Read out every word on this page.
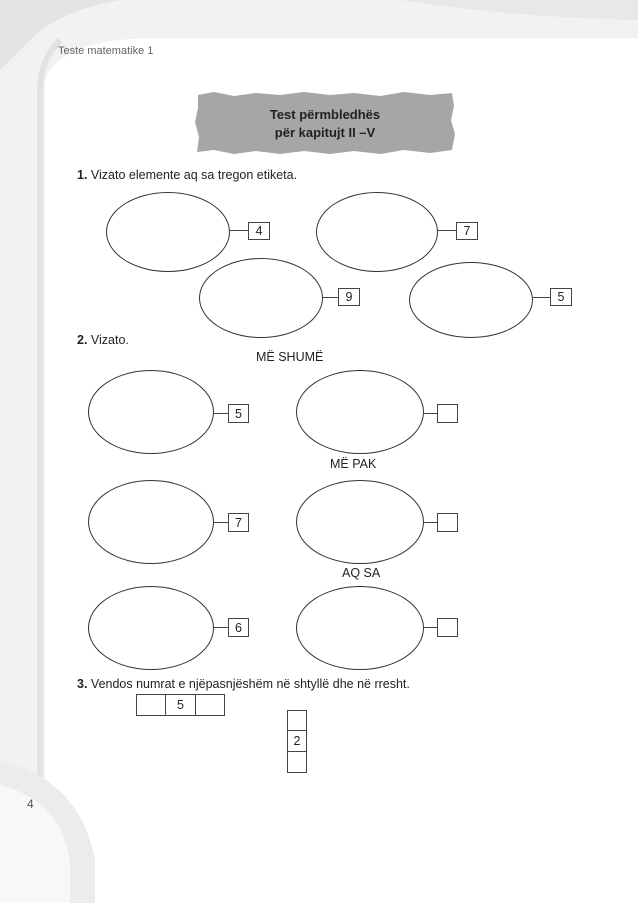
Teste matematike 1
Test përmbledhës
për kapitujt II –V
1. Vizato elemente aq sa tregon etiketa.
4	7
9	5
2. Vizato.
MË SHUMË
5
MË PAK
7
AQ SA
6
3. Vendos numrat e njëpasnjëshëm në shtyllë dhe në rresht.
5
2
4
